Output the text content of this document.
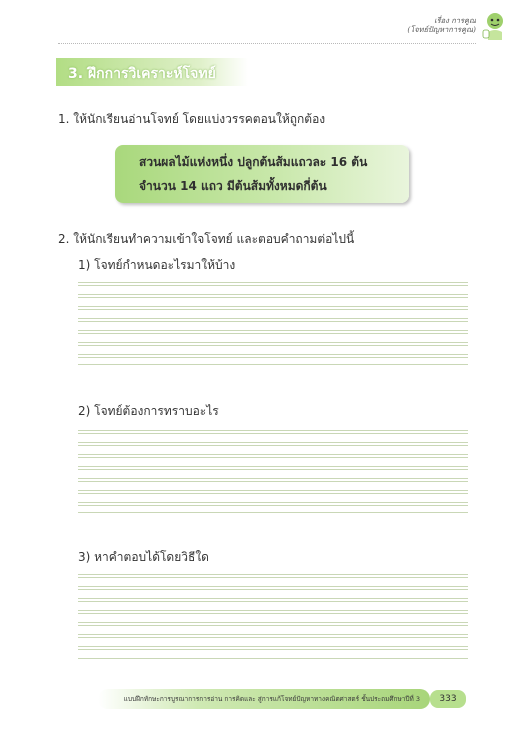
เรื่อง การคูณ
(โจทย์ปัญหาการคูณ)
3. ฝึกการวิเคราะห์โจทย์
1. ให้นักเรียนอ่านโจทย์ โดยแบ่งวรรคตอนให้ถูกต้อง
สวนผลไม้แห่งหนึ่ง ปลูกต้นส้มแถวละ 16 ต้น
จำนวน 14 แถว มีต้นส้มทั้งหมดกี่ต้น
2. ให้นักเรียนทำความเข้าใจโจทย์ และตอบคำถามต่อไปนี้
1) โจทย์กำหนดอะไรมาให้บ้าง
2) โจทย์ต้องการทราบอะไร
3) หาคำตอบได้โดยวิธีใด
แบบฝึกทักษะการบูรณาการการอ่าน การคิดและ สู่การแก้โจทย์ปัญหาทางคณิตศาสตร์ ชั้นประถมศึกษาปีที่ 3	333
